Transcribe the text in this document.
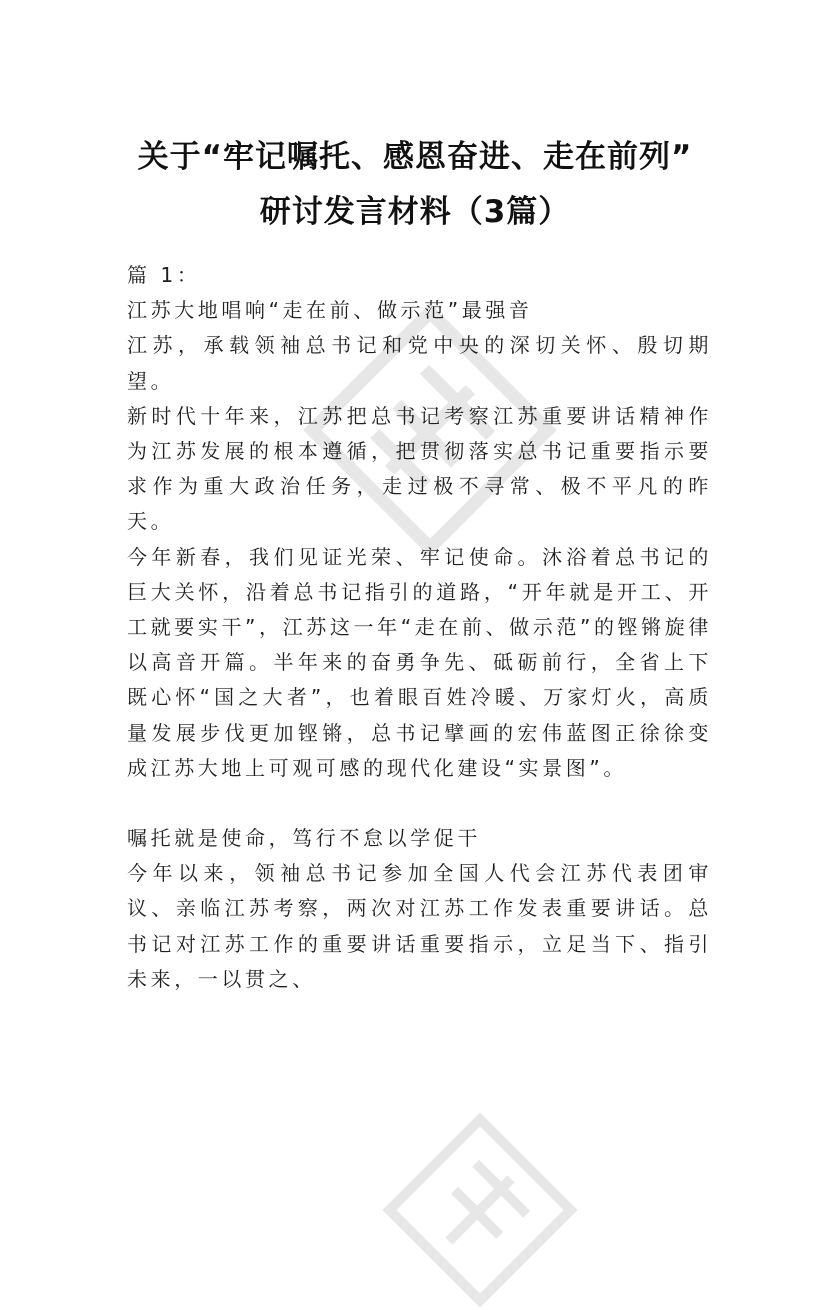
关于“牢记嘱托、感恩奋进、走在前列”
研讨发言材料（3篇）

篇 1：

江苏大地唱响“走在前、做示范”最强音

江苏，承载领袖总书记和党中央的深切关怀、殷切期望。

新时代十年来，江苏把总书记考察江苏重要讲话精神作为江苏发展的根本遵循，把贯彻落实总书记重要指示要求作为重大政治任务，走过极不寻常、极不平凡的昨天。

今年新春，我们见证光荣、牢记使命。沐浴着总书记的巨大关怀，沿着总书记指引的道路，“开年就是开工、开工就要实干”，江苏这一年“走在前、做示范”的铿锵旋律以高音开篇。半年来的奋勇争先、砥砺前行，全省上下既心怀“国之大者”，也着眼百姓冷暖、万家灯火，高质量发展步伐更加铿锵，总书记擘画的宏伟蓝图正徐徐变成江苏大地上可观可感的现代化建设“实景图”。

嘱托就是使命，笃行不怠以学促干

今年以来，领袖总书记参加全国人代会江苏代表团审议、亲临江苏考察，两次对江苏工作发表重要讲话。总书记对江苏工作的重要讲话重要指示，立足当下、指引未来，一以贯之、
